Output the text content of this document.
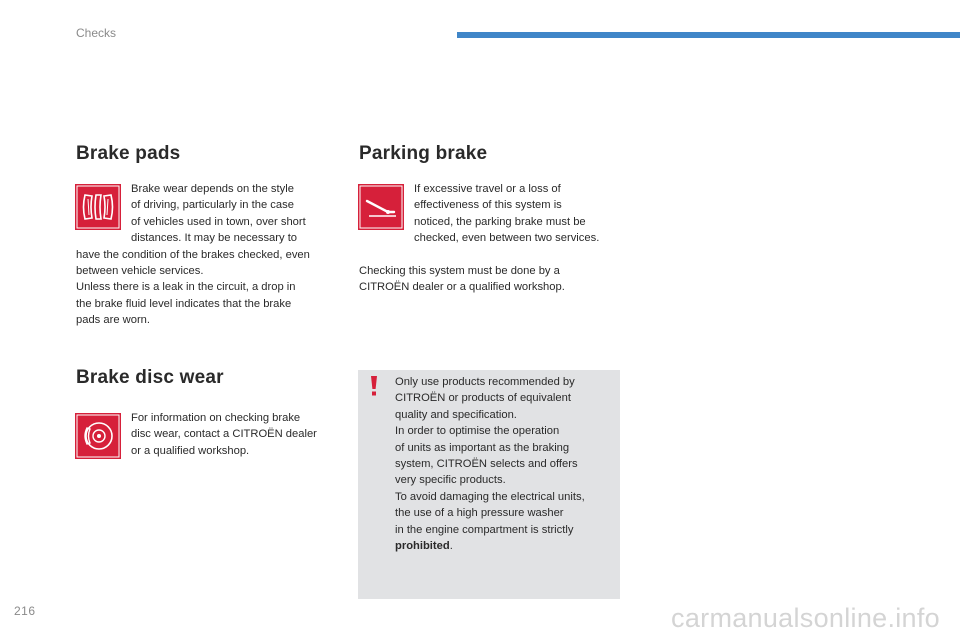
Checks
Brake pads
Brake wear depends on the style
of driving, particularly in the case
of vehicles used in town, over short
distances. It may be necessary to
have the condition of the brakes checked, even
between vehicle services.
Unless there is a leak in the circuit, a drop in
the brake fluid level indicates that the brake
pads are worn.
Brake disc wear
For information on checking brake
disc wear, contact a CITROËN dealer
or a qualified workshop.
Parking brake
If excessive travel or a loss of
effectiveness of this system is
noticed, the parking brake must be
checked, even between two services.
Checking this system must be done by a
CITROËN dealer or a qualified workshop.
Only use products recommended by
CITROËN or products of equivalent
quality and specification.
In order to optimise the operation
of units as important as the braking
system, CITROËN selects and offers
very specific products.
To avoid damaging the electrical units,
the use of a high pressure washer
in the engine compartment is strictly
prohibited.
216	carmanualsonline.info
